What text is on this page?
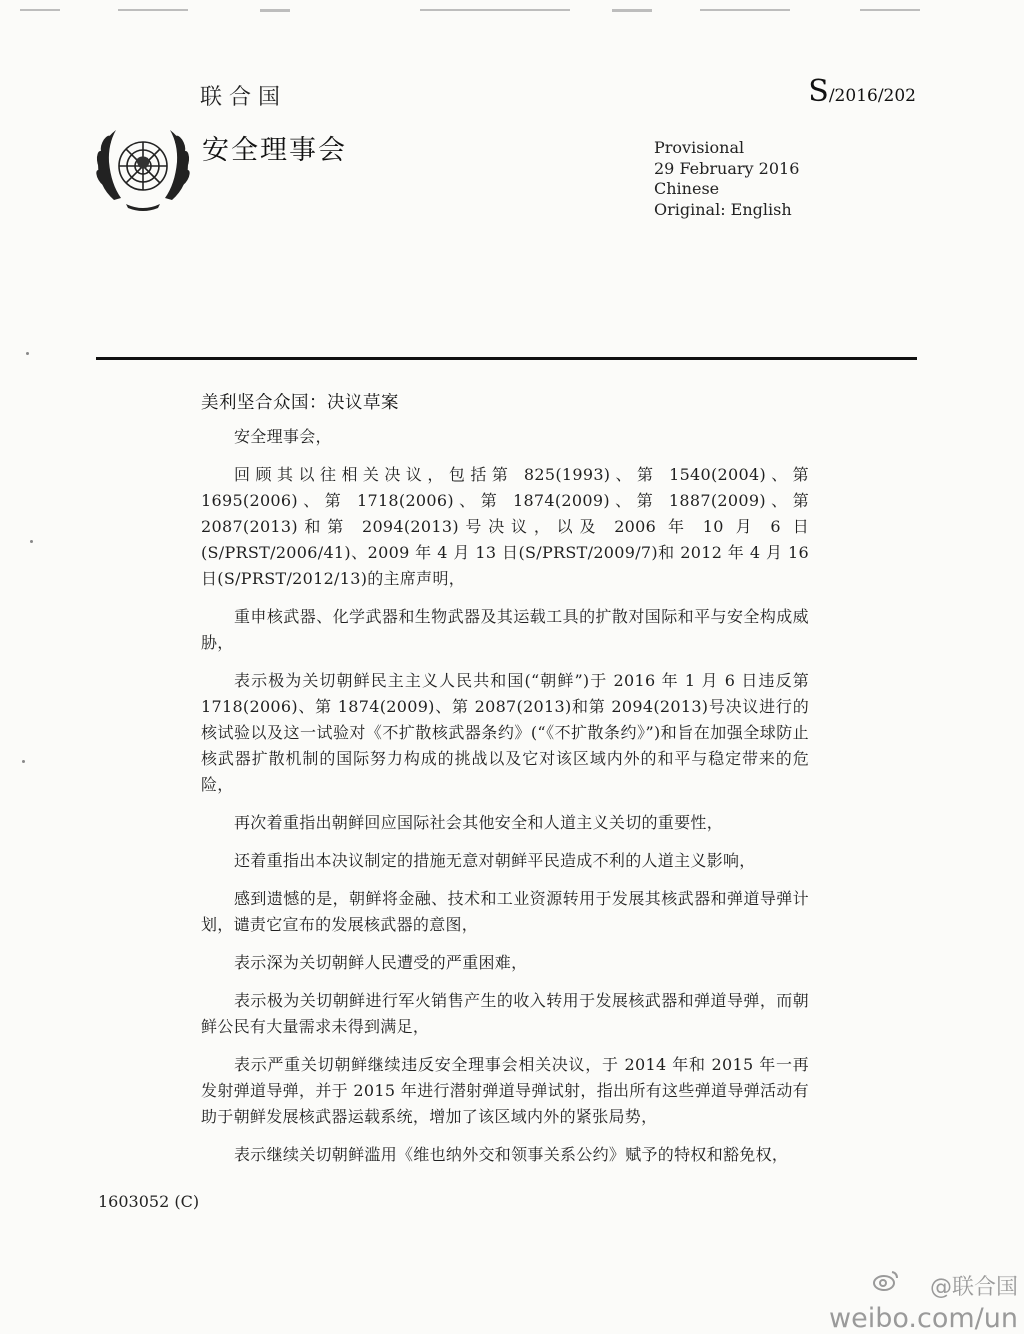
联合国	S/2016/202
安全理事会	Provisional
29 February 2016
Chinese
Original: English
美利坚合众国：决议草案

安全理事会，

回顾其以往相关决议，包括第 825(1993)、第 1540(2004)、第 1695(2006)、第 1718(2006)、第 1874(2009)、第 1887(2009)、第 2087(2013)和第 2094(2013)号决议，以及 2006 年 10 月 6 日(S/PRST/2006/41)、2009 年 4 月 13 日(S/PRST/2009/7)和 2012 年 4 月 16 日(S/PRST/2012/13)的主席声明，

重申核武器、化学武器和生物武器及其运载工具的扩散对国际和平与安全构成威胁，

表示极为关切朝鲜民主主义人民共和国(“朝鲜”)于 2016 年 1 月 6 日违反第 1718(2006)、第 1874(2009)、第 2087(2013)和第 2094(2013)号决议进行的核试验以及这一试验对《不扩散核武器条约》(“《不扩散条约》”)和旨在加强全球防止核武器扩散机制的国际努力构成的挑战以及它对该区域内外的和平与稳定带来的危险，

再次着重指出朝鲜回应国际社会其他安全和人道主义关切的重要性，

还着重指出本决议制定的措施无意对朝鲜平民造成不利的人道主义影响，

感到遗憾的是，朝鲜将金融、技术和工业资源转用于发展其核武器和弹道导弹计划，谴责它宣布的发展核武器的意图，

表示深为关切朝鲜人民遭受的严重困难，

表示极为关切朝鲜进行军火销售产生的收入转用于发展核武器和弹道导弹，而朝鲜公民有大量需求未得到满足，

表示严重关切朝鲜继续违反安全理事会相关决议，于 2014 年和 2015 年一再发射弹道导弹，并于 2015 年进行潜射弹道导弹试射，指出所有这些弹道导弹活动有助于朝鲜发展核武器运载系统，增加了该区域内外的紧张局势，

表示继续关切朝鲜滥用《维也纳外交和领事关系公约》赋予的特权和豁免权，

1603052 (C)
@联合国
weibo.com/un
